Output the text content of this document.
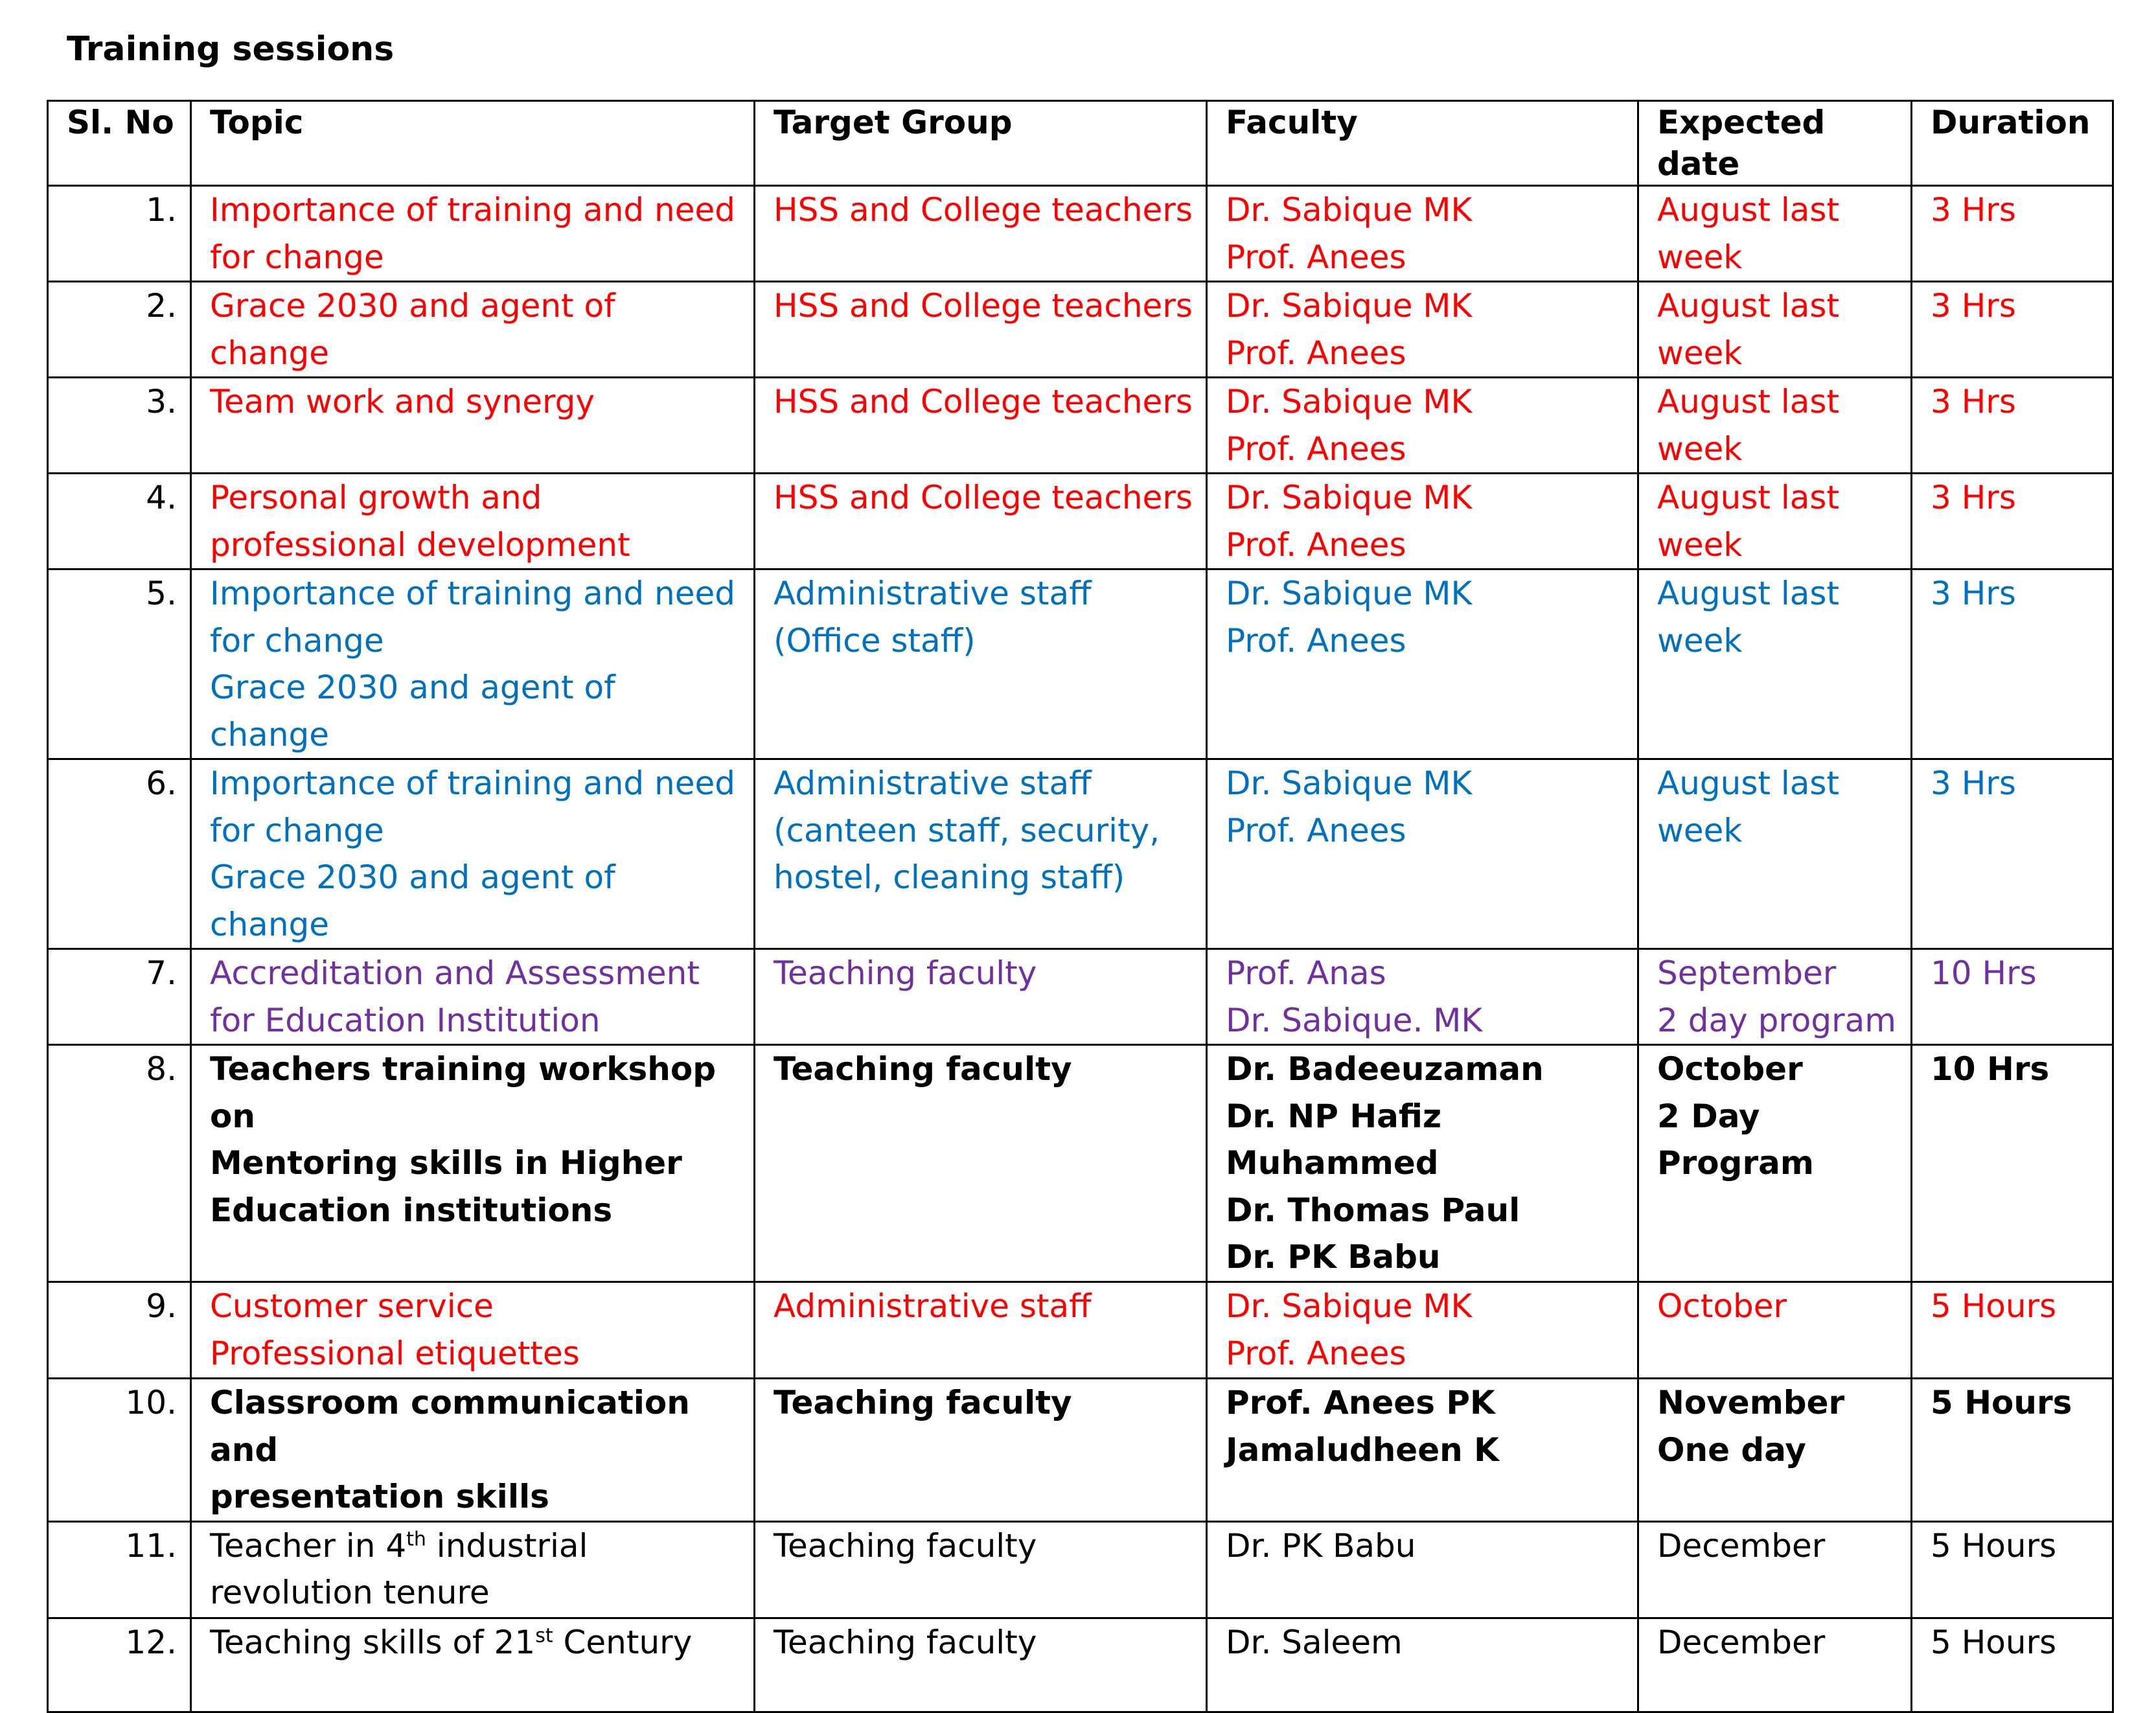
Training sessions
Sl. No	Topic	Target Group	Faculty	Expected date	Duration
1.	Importance of training and need
for change	HSS and College teachers	Dr. Sabique MK
Prof. Anees	August last
week	3 Hrs
2.	Grace 2030 and agent of change	HSS and College teachers	Dr. Sabique MK
Prof. Anees	August last
week	3 Hrs
3.	Team work and synergy	HSS and College teachers	Dr. Sabique MK
Prof. Anees	August last
week	3 Hrs
4.	Personal growth and
professional development	HSS and College teachers	Dr. Sabique MK
Prof. Anees	August last
week	3 Hrs
5.	Importance of training and need
for change
Grace 2030 and agent of change	Administrative staff
(Office staff)	Dr. Sabique MK
Prof. Anees	August last
week	3 Hrs
6.	Importance of training and need
for change
Grace 2030 and agent of change	Administrative staff
(canteen staff, security,
hostel, cleaning staff)	Dr. Sabique MK
Prof. Anees	August last
week	3 Hrs
7.	Accreditation and Assessment
for Education Institution	Teaching faculty	Prof. Anas
Dr. Sabique. MK	September
2 day program	10 Hrs
8.	Teachers training workshop on
Mentoring skills in Higher
Education institutions	Teaching faculty	Dr. Badeeuzaman
Dr. NP Hafiz
Muhammed
Dr. Thomas Paul
Dr. PK Babu	October
2 Day
Program	10 Hrs
9.	Customer service
Professional etiquettes	Administrative staff	Dr. Sabique MK
Prof. Anees	October	5 Hours
10.	Classroom communication and
presentation skills	Teaching faculty	Prof. Anees PK
Jamaludheen K	November
One day	5 Hours
11.	Teacher in 4th industrial
revolution tenure	Teaching faculty	Dr. PK Babu	December	5 Hours
12.	Teaching skills of 21st Century	Teaching faculty	Dr. Saleem	December	5 Hours
